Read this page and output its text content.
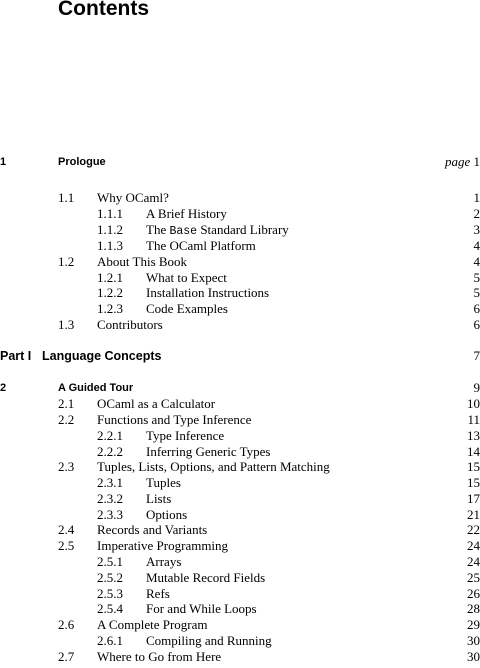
Contents
1	Prologue	page 1
1.1 Why OCaml?	1
1.1.1 A Brief History	2
1.1.2 The Base Standard Library	3
1.1.3 The OCaml Platform	4
1.2 About This Book	4
1.2.1 What to Expect	5
1.2.2 Installation Instructions	5
1.2.3 Code Examples	6
1.3 Contributors	6
Part I Language Concepts	7
2	A Guided Tour	9
2.1 OCaml as a Calculator	10
2.2 Functions and Type Inference	11
2.2.1 Type Inference	13
2.2.2 Inferring Generic Types	14
2.3 Tuples, Lists, Options, and Pattern Matching	15
2.3.1 Tuples	15
2.3.2 Lists	17
2.3.3 Options	21
2.4 Records and Variants	22
2.5 Imperative Programming	24
2.5.1 Arrays	24
2.5.2 Mutable Record Fields	25
2.5.3 Refs	26
2.5.4 For and While Loops	28
2.6 A Complete Program	29
2.6.1 Compiling and Running	30
2.7 Where to Go from Here	30
